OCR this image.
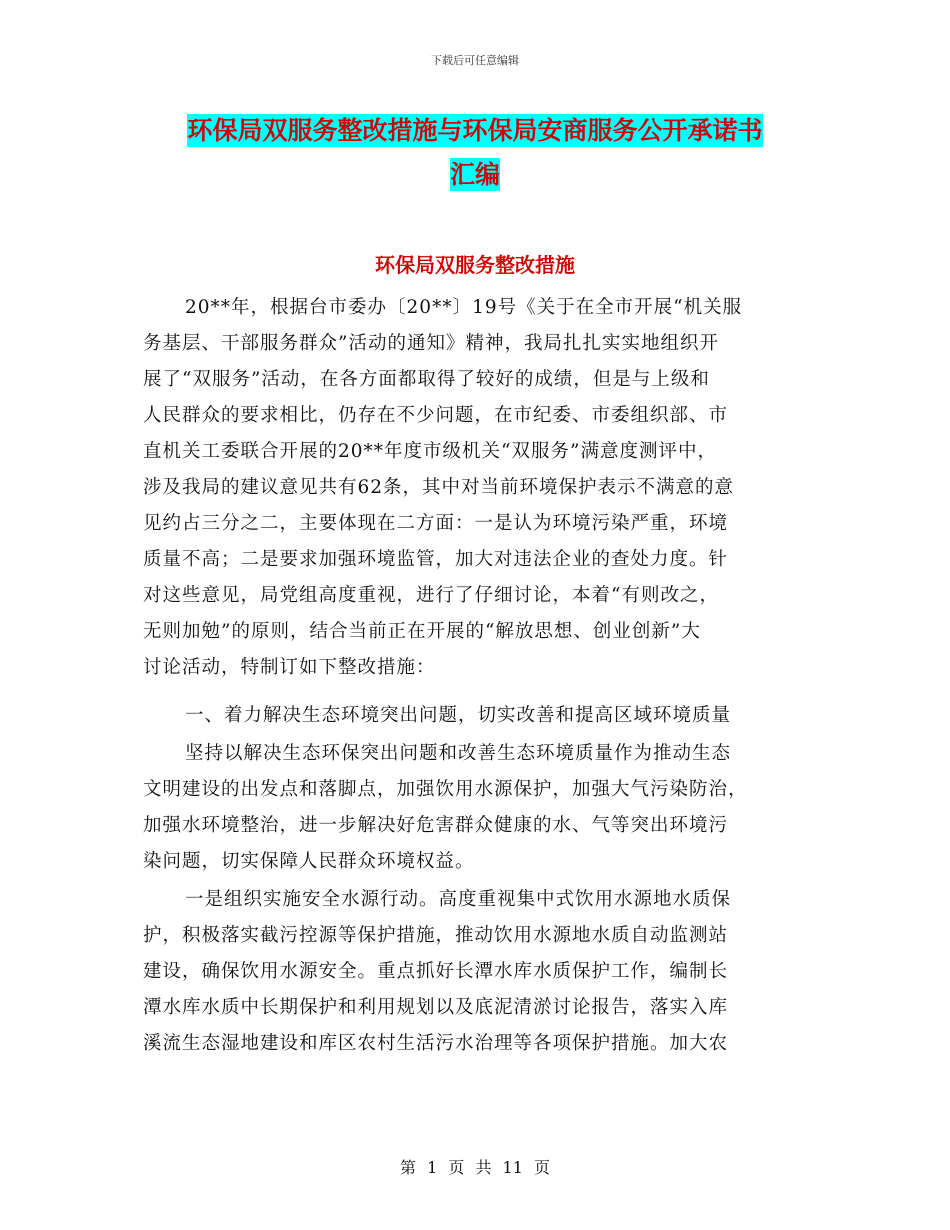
下载后可任意编辑
环保局双服务整改措施与环保局安商服务公开承诺书
汇编
环保局双服务整改措施
20**年，根据台市委办〔20**〕19号《关于在全市开展“机关服
务基层、干部服务群众”活动的通知》精神，我局扎扎实实地组织开
展了“双服务”活动，在各方面都取得了较好的成绩，但是与上级和
人民群众的要求相比，仍存在不少问题，在市纪委、市委组织部、市
直机关工委联合开展的20**年度市级机关“双服务”满意度测评中，
涉及我局的建议意见共有62条，其中对当前环境保护表示不满意的意
见约占三分之二，主要体现在二方面：一是认为环境污染严重，环境
质量不高；二是要求加强环境监管，加大对违法企业的查处力度。针
对这些意见，局党组高度重视，进行了仔细讨论，本着“有则改之，
无则加勉”的原则，结合当前正在开展的“解放思想、创业创新”大
讨论活动，特制订如下整改措施：
一、着力解决生态环境突出问题，切实改善和提高区域环境质量
坚持以解决生态环保突出问题和改善生态环境质量作为推动生态
文明建设的出发点和落脚点，加强饮用水源保护，加强大气污染防治，
加强水环境整治，进一步解决好危害群众健康的水、气等突出环境污
染问题，切实保障人民群众环境权益。
一是组织实施安全水源行动。高度重视集中式饮用水源地水质保
护，积极落实截污控源等保护措施，推动饮用水源地水质自动监测站
建设，确保饮用水源安全。重点抓好长潭水库水质保护工作，编制长
潭水库水质中长期保护和利用规划以及底泥清淤讨论报告，落实入库
溪流生态湿地建设和库区农村生活污水治理等各项保护措施。加大农
第 1 页 共 11 页
